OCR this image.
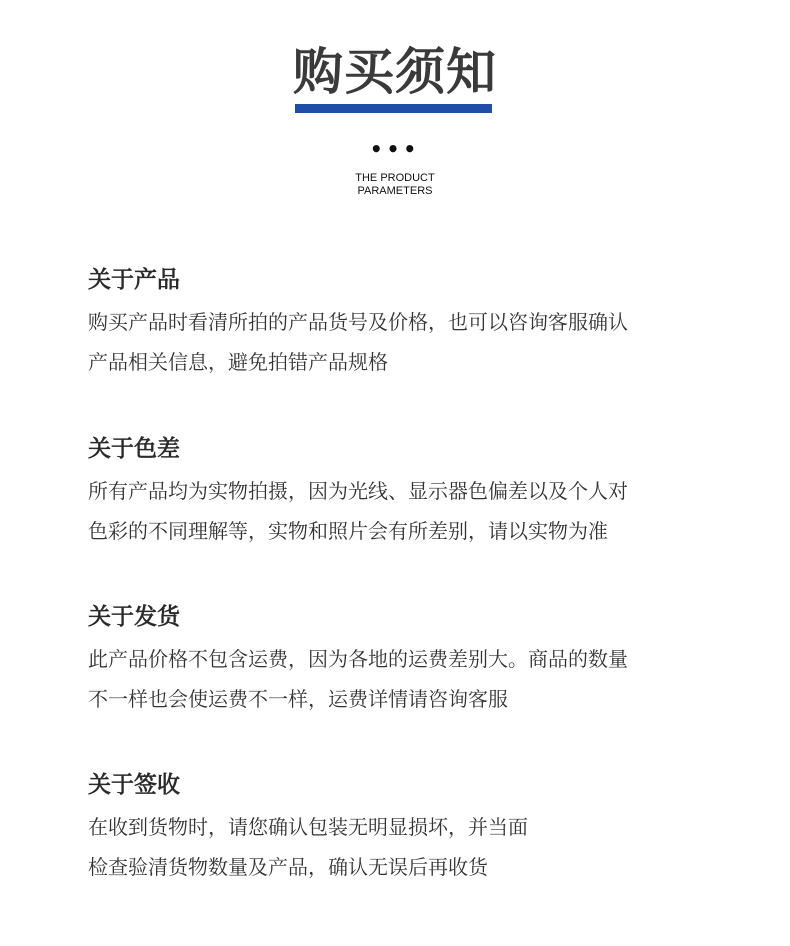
购买须知
•••
THE PRODUCT
PARAMETERS

关于产品

购买产品时看清所拍的产品货号及价格，也可以咨询客服确认

产品相关信息，避免拍错产品规格

关于色差

所有产品均为实物拍摄，因为光线、显示器色偏差以及个人对

色彩的不同理解等，实物和照片会有所差别，请以实物为准

关于发货

此产品价格不包含运费，因为各地的运费差别大。商品的数量

不一样也会使运费不一样，运费详情请咨询客服

关于签收

在收到货物时，请您确认包装无明显损坏，并当面

检查验清货物数量及产品，确认无误后再收货
